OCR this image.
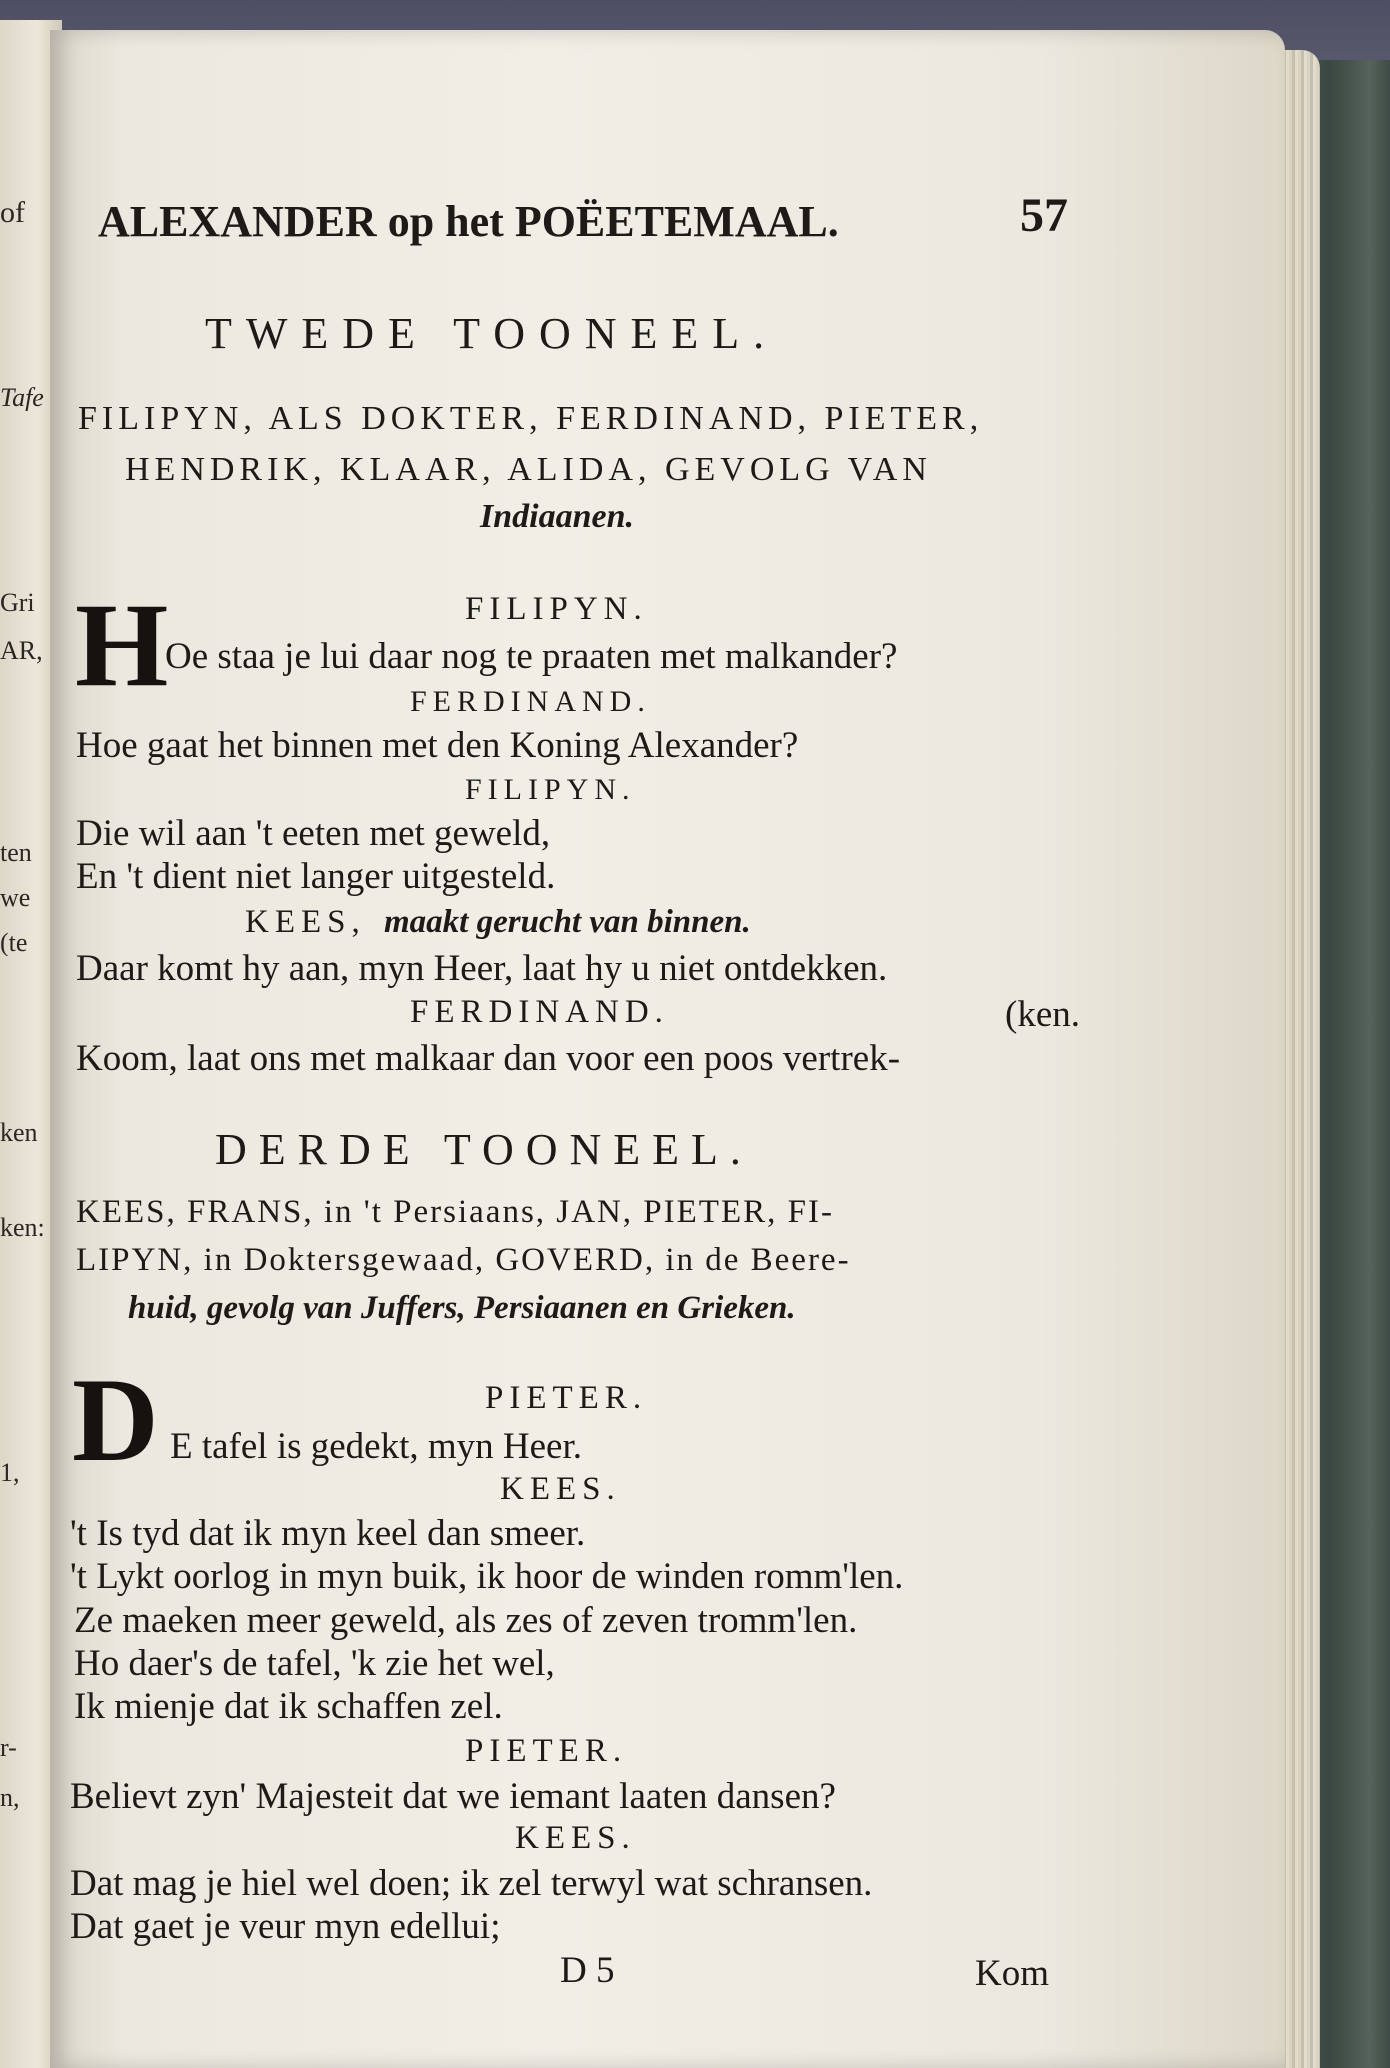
of
Tafe
Gri
AR,
ten
we
(te
ken
ken:
1,
r-
n,
ALEXANDER op het POËETEMAAL.	57
TWEDE TOONEEL.
FILIPYN, ALS DOKTER, FERDINAND, PIETER,
HENDRIK, KLAAR, ALIDA, GEVOLG VAN
Indiaanen.
H	FILIPYN.
Oe staa je lui daar nog te praaten met malkander?
FERDINAND.
Hoe gaat het binnen met den Koning Alexander?
FILIPYN.
Die wil aan 't eeten met geweld,
En 't dient niet langer uitgesteld.
KEES, maakt gerucht van binnen.
Daar komt hy aan, myn Heer, laat hy u niet ontdekken.
FERDINAND.	(ken.
Koom, laat ons met malkaar dan voor een poos vertrek-
DERDE TOONEEL.
KEES, FRANS, in 't Persiaans, JAN, PIETER, FI-
LIPYN, in Doktersgewaad, GOVERD, in de Beere-
huid, gevolg van Juffers, Persiaanen en Grieken.
D	PIETER.
E tafel is gedekt, myn Heer.
KEES.
't Is tyd dat ik myn keel dan smeer.
't Lykt oorlog in myn buik, ik hoor de winden romm'len.
Ze maeken meer geweld, als zes of zeven tromm'len.
Ho daer's de tafel, 'k zie het wel,
Ik mienje dat ik schaffen zel.
PIETER.
Believt zyn' Majesteit dat we iemant laaten dansen?
KEES.
Dat mag je hiel wel doen; ik zel terwyl wat schransen.
Dat gaet je veur myn edellui;
D 5	Kom
